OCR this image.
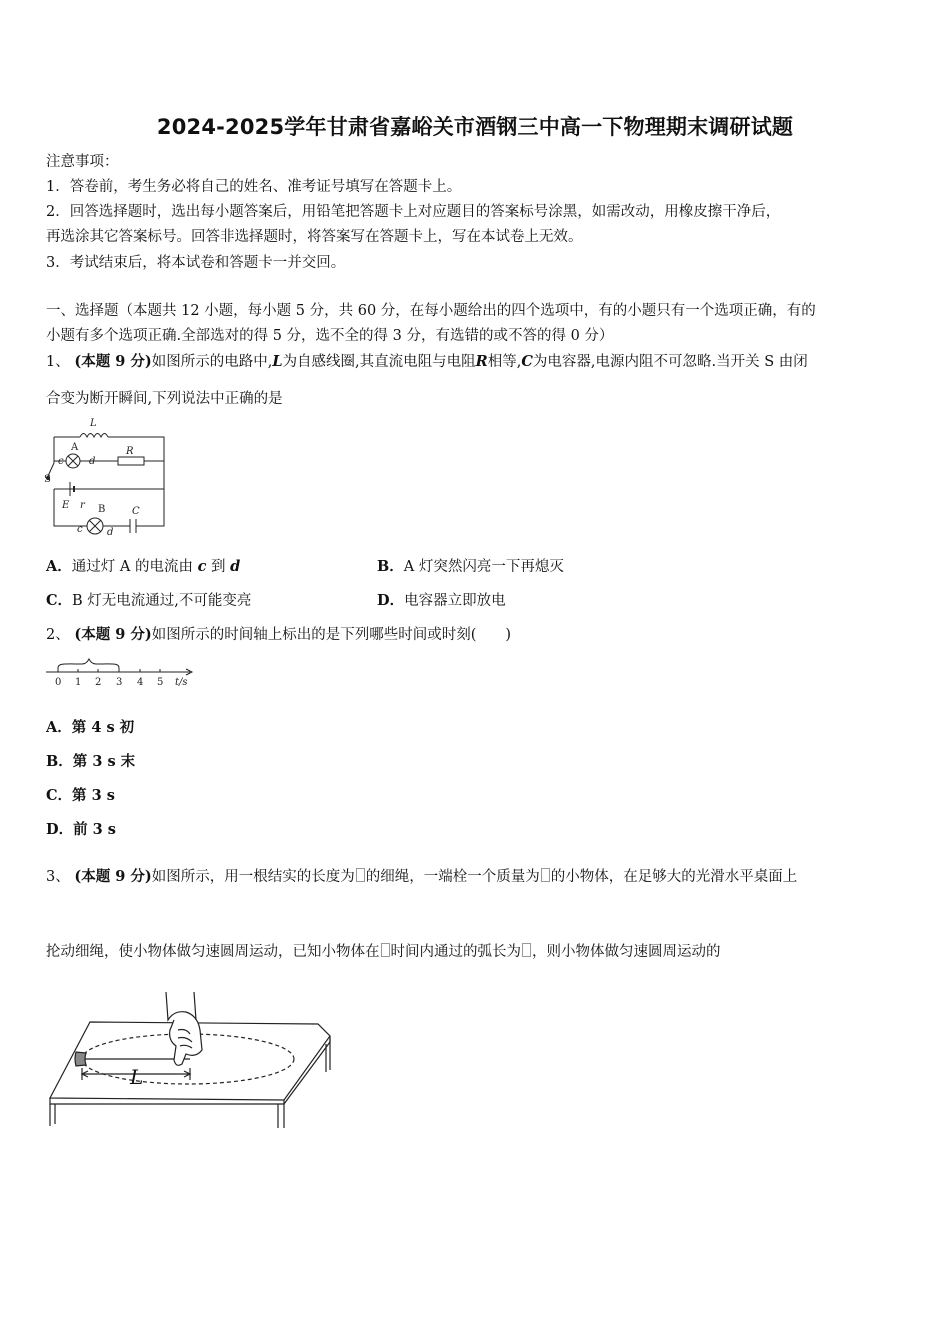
2024-2025学年甘肃省嘉峪关市酒钢三中高一下物理期末调研试题
注意事项：
1．答卷前，考生务必将自己的姓名、准考证号填写在答题卡上。
2．回答选择题时，选出每小题答案后，用铅笔把答题卡上对应题目的答案标号涂黑，如需改动，用橡皮擦干净后，
再选涂其它答案标号。回答非选择题时，将答案写在答题卡上，写在本试卷上无效。
3．考试结束后，将本试卷和答题卡一并交回。
一、选择题（本题共 12 小题，每小题 5 分，共 60 分，在每小题给出的四个选项中，有的小题只有一个选项正确，有的
小题有多个选项正确.全部选对的得 5 分，选不全的得 3 分，有选错的或不答的得 0 分）
1、 (本题 9 分)如图所示的电路中,L为自感线圈,其直流电阻与电阻R相等,C为电容器,电源内阻不可忽略.当开关 S 由闭
合变为断开瞬间,下列说法中正确的是
L
A
c	d
R
S
E r B	C
c d
A．通过灯 A 的电流由 c 到 d	B．A 灯突然闪亮一下再熄灭
C．B 灯无电流通过,不可能变亮	D．电容器立即放电
2、 (本题 9 分)如图所示的时间轴上标出的是下列哪些时间或时刻(　　)
0 1 2 3 4 5 t/s
A．第 4 s 初
B．第 3 s 末
C．第 3 s
D．前 3 s
3、 (本题 9 分)如图所示，用一根结实的长度为 的细绳，一端栓一个质量为 的小物体，在足够大的光滑水平桌面上
抡动细绳，使小物体做匀速圆周运动，已知小物体在 时间内通过的弧长为 ，则小物体做匀速圆周运动的
L
